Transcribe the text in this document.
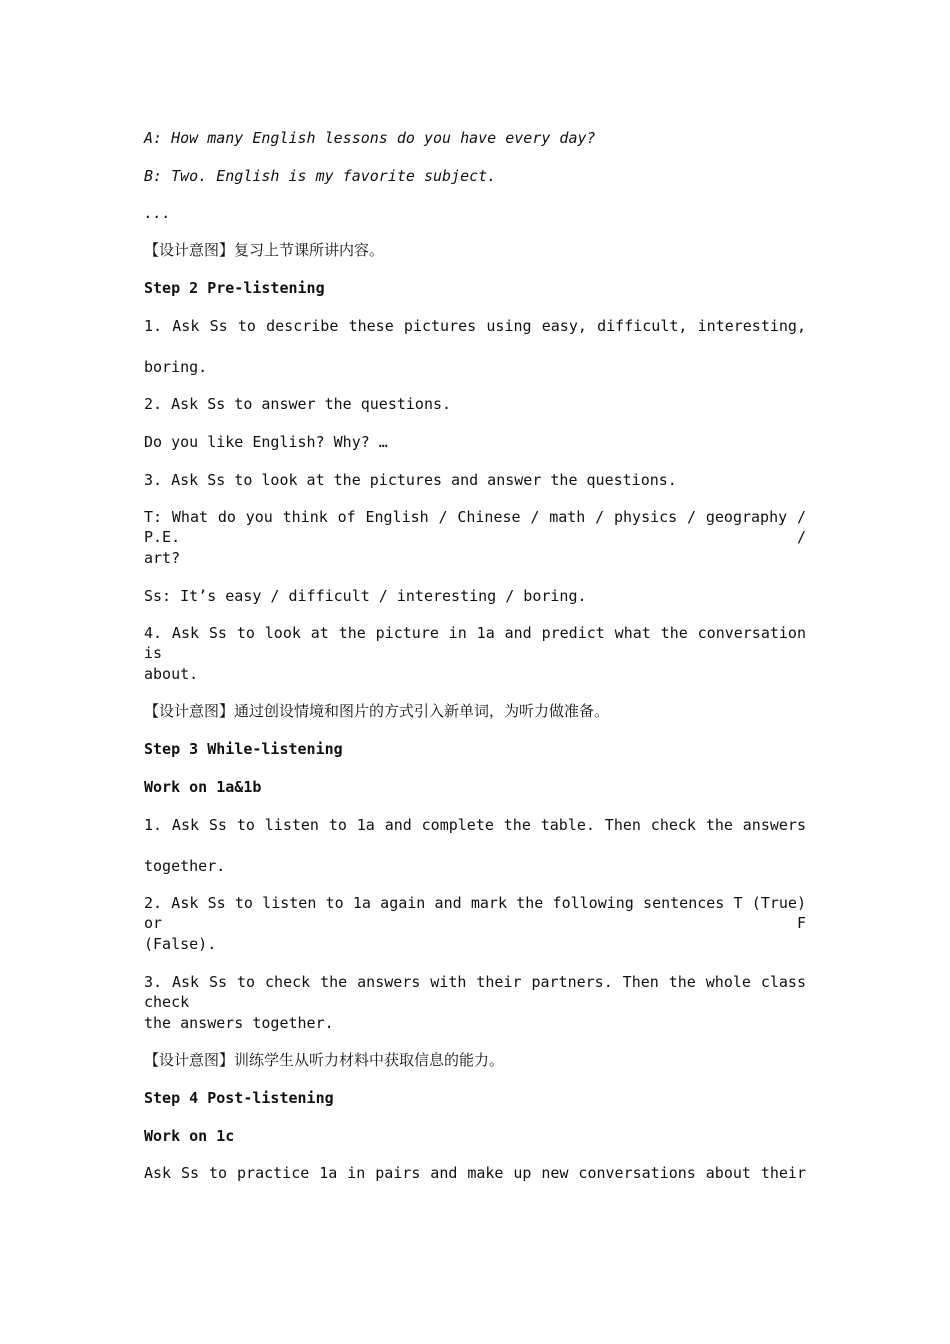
A: How many English lessons do you have every day?
B: Two. English is my favorite subject.
...
【设计意图】复习上节课所讲内容。
Step 2 Pre-listening
1. Ask Ss to describe these pictures using easy, difficult, interesting,
boring.
2. Ask Ss to answer the questions.
Do you like English? Why? …
3. Ask Ss to look at the pictures and answer the questions.
T: What do you think of English / Chinese / math / physics / geography / P.E. /
art?
Ss: It’s easy / difficult / interesting / boring.
4. Ask Ss to look at the picture in 1a and predict what the conversation is
about.
【设计意图】通过创设情境和图片的方式引入新单词，为听力做准备。
Step 3 While-listening
Work on 1a&1b
1. Ask Ss to listen to 1a and complete the table. Then check the answers
together.
2. Ask Ss to listen to 1a again and mark the following sentences T (True) or F
(False).
3. Ask Ss to check the answers with their partners. Then the whole class check
the answers together.
【设计意图】训练学生从听力材料中获取信息的能力。
Step 4 Post-listening
Work on 1c
Ask Ss to practice 1a in pairs and make up new conversations about their
